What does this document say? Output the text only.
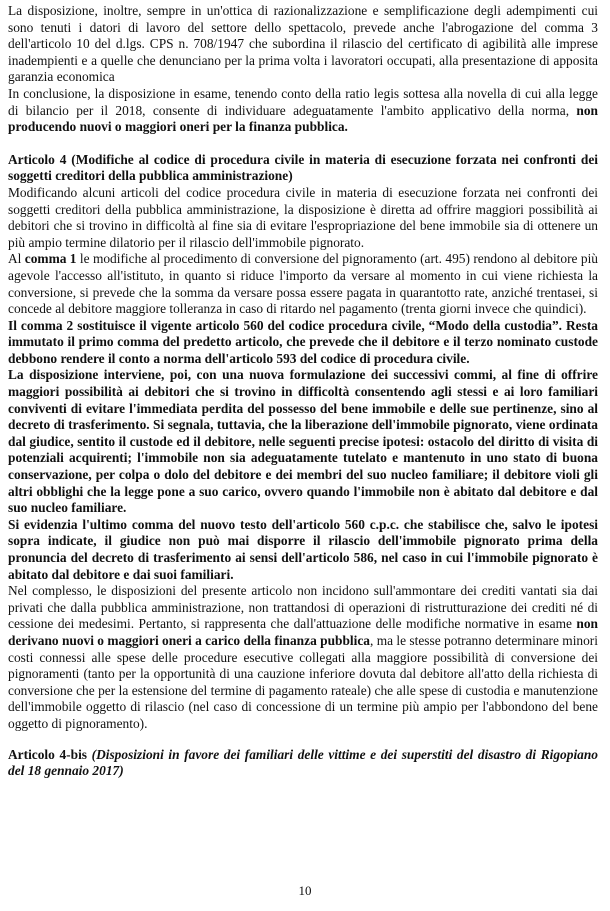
La disposizione, inoltre, sempre in un'ottica di razionalizzazione e semplificazione degli adempimenti cui sono tenuti i datori di lavoro del settore dello spettacolo, prevede anche l'abrogazione del comma 3 dell'articolo 10 del d.lgs. CPS n. 708/1947 che subordina il rilascio del certificato di agibilità alle imprese inadempienti e a quelle che denunciano per la prima volta i lavoratori occupati, alla presentazione di apposita garanzia economica

In conclusione, la disposizione in esame, tenendo conto della ratio legis sottesa alla novella di cui alla legge di bilancio per il 2018, consente di individuare adeguatamente l'ambito applicativo della norma, non producendo nuovi o maggiori oneri per la finanza pubblica.

Articolo 4 (Modifiche al codice di procedura civile in materia di esecuzione forzata nei confronti dei soggetti creditori della pubblica amministrazione)

Modificando alcuni articoli del codice procedura civile in materia di esecuzione forzata nei confronti dei soggetti creditori della pubblica amministrazione, la disposizione è diretta ad offrire maggiori possibilità ai debitori che si trovino in difficoltà al fine sia di evitare l'espropriazione del bene immobile sia di ottenere un più ampio termine dilatorio per il rilascio dell'immobile pignorato.

Al comma 1 le modifiche al procedimento di conversione del pignoramento (art. 495) rendono al debitore più agevole l'accesso all'istituto, in quanto si riduce l'importo da versare al momento in cui viene richiesta la conversione, si prevede che la somma da versare possa essere pagata in quarantotto rate, anziché trentasei, si concede al debitore maggiore tolleranza in caso di ritardo nel pagamento (trenta giorni invece che quindici).

Il comma 2 sostituisce il vigente articolo 560 del codice procedura civile, “Modo della custodia”. Resta immutato il primo comma del predetto articolo, che prevede che il debitore e il terzo nominato custode debbono rendere il conto a norma dell'articolo 593 del codice di procedura civile.

La disposizione interviene, poi, con una nuova formulazione dei successivi commi, al fine di offrire maggiori possibilità ai debitori che si trovino in difficoltà consentendo agli stessi e ai loro familiari conviventi di evitare l'immediata perdita del possesso del bene immobile e delle sue pertinenze, sino al decreto di trasferimento. Si segnala, tuttavia, che la liberazione dell'immobile pignorato, viene ordinata dal giudice, sentito il custode ed il debitore, nelle seguenti precise ipotesi: ostacolo del diritto di visita di potenziali acquirenti; l'immobile non sia adeguatamente tutelato e mantenuto in uno stato di buona conservazione, per colpa o dolo del debitore e dei membri del suo nucleo familiare; il debitore violi gli altri obblighi che la legge pone a suo carico, ovvero quando l'immobile non è abitato dal debitore e dal suo nucleo familiare.

Si evidenzia l'ultimo comma del nuovo testo dell'articolo 560 c.p.c. che stabilisce che, salvo le ipotesi sopra indicate, il giudice non può mai disporre il rilascio dell'immobile pignorato prima della pronuncia del decreto di trasferimento ai sensi dell'articolo 586, nel caso in cui l'immobile pignorato è abitato dal debitore e dai suoi familiari.

Nel complesso, le disposizioni del presente articolo non incidono sull'ammontare dei crediti vantati sia dai privati che dalla pubblica amministrazione, non trattandosi di operazioni di ristrutturazione dei crediti né di cessione dei medesimi. Pertanto, si rappresenta che dall'attuazione delle modifiche normative in esame non derivano nuovi o maggiori oneri a carico della finanza pubblica, ma le stesse potranno determinare minori costi connessi alle spese delle procedure esecutive collegati alla maggiore possibilità di conversione dei pignoramenti (tanto per la opportunità di una cauzione inferiore dovuta dal debitore all'atto della richiesta di conversione che per la estensione del termine di pagamento rateale) che alle spese di custodia e manutenzione dell'immobile oggetto di rilascio (nel caso di concessione di un termine più ampio per l'abbondono del bene oggetto di pignoramento).

Articolo 4-bis (Disposizioni in favore dei familiari delle vittime e dei superstiti del disastro di Rigopiano del 18 gennaio 2017)

10
